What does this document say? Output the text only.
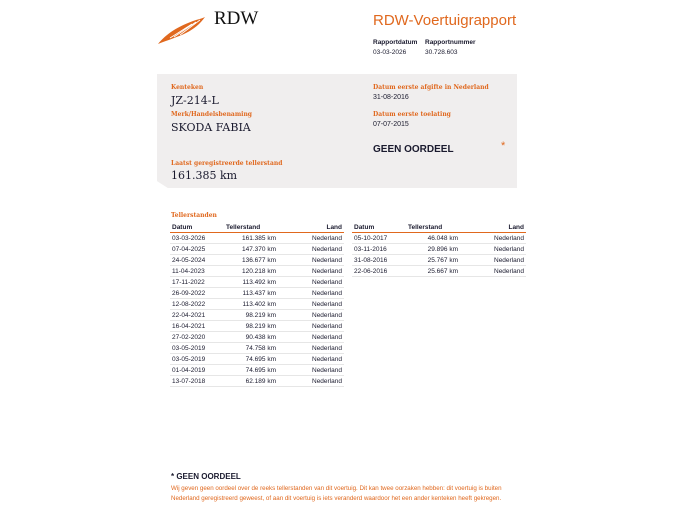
RDW	RDW-Voertuigrapport
Rapportdatum
03-03-2026
Rapportnummer
30.728.603
Kenteken
JZ-214-L
Merk/Handelsbenaming
SKODA FABIA
Laatst geregistreerde tellerstand
161.385 km
Datum eerste afgifte in Nederland
31-08-2016
Datum eerste toelating
07-07-2015
GEEN OORDEEL	*
Tellerstanden
Datum	Tellerstand	Land
03-03-2026	161.385 km	Nederland
07-04-2025	147.370 km	Nederland
24-05-2024	136.677 km	Nederland
11-04-2023	120.218 km	Nederland
17-11-2022	113.492 km	Nederland
26-09-2022	113.437 km	Nederland
12-08-2022	113.402 km	Nederland
22-04-2021	98.219 km	Nederland
16-04-2021	98.219 km	Nederland
27-02-2020	90.438 km	Nederland
03-05-2019	74.758 km	Nederland
03-05-2019	74.695 km	Nederland
01-04-2019	74.695 km	Nederland
13-07-2018	62.189 km	Nederland
Datum	Tellerstand	Land
05-10-2017	46.048 km	Nederland
03-11-2016	29.896 km	Nederland
31-08-2016	25.767 km	Nederland
22-06-2016	25.667 km	Nederland
* GEEN OORDEEL
Wij geven geen oordeel over de reeks tellerstanden van dit voertuig. Dit kan twee oorzaken hebben: dit voertuig is buiten Nederland geregistreerd geweest, of aan dit voertuig is iets veranderd waardoor het een ander kenteken heeft gekregen.
